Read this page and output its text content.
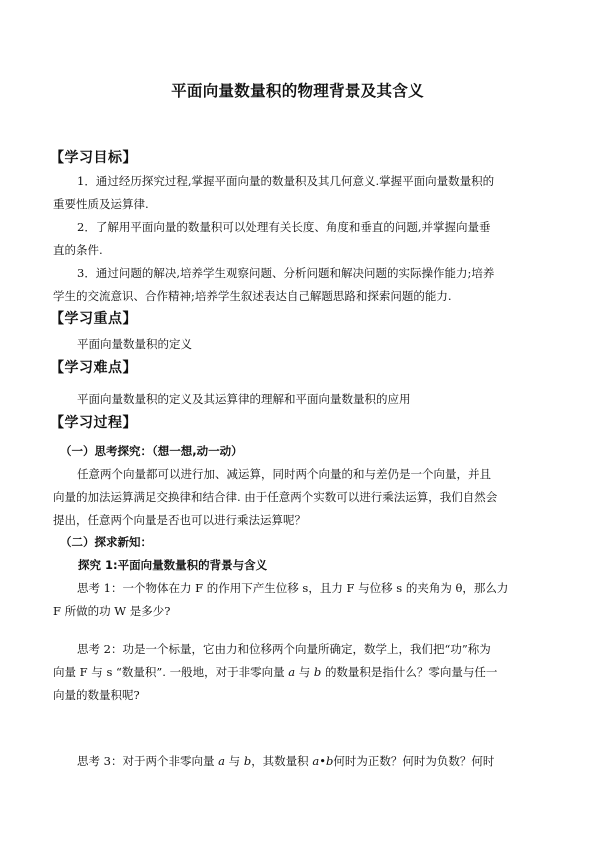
平面向量数量积的物理背景及其含义
【学习目标】
1．通过经历探究过程,掌握平面向量的数量积及其几何意义.掌握平面向量数量积的
重要性质及运算律.
2．了解用平面向量的数量积可以处理有关长度、角度和垂直的问题,并掌握向量垂
直的条件.
3．通过问题的解决,培养学生观察问题、分析问题和解决问题的实际操作能力;培养
学生的交流意识、合作精神;培养学生叙述表达自己解题思路和探索问题的能力.
【学习重点】
平面向量数量积的定义
【学习难点】
平面向量数量积的定义及其运算律的理解和平面向量数量积的应用
【学习过程】
（一）思考探究：（想一想,动一动）
任意两个向量都可以进行加、减运算，同时两个向量的和与差仍是一个向量，并且
向量的加法运算满足交换律和结合律. 由于任意两个实数可以进行乘法运算，我们自然会
提出，任意两个向量是否也可以进行乘法运算呢？
（二）探求新知：
探究 1:平面向量数量积的背景与含义
思考 1：一个物体在力 F 的作用下产生位移 s，且力 F 与位移 s 的夹角为 θ，那么力
F 所做的功 W 是多少?
思考 2：功是一个标量，它由力和位移两个向量所确定，数学上，我们把“功”称为
向量 F 与 s “数量积”. 一般地，对于非零向量 a 与 b 的数量积是指什么？零向量与任一
向量的数量积呢?
思考 3：对于两个非零向量 a 与 b，其数量积 a•b何时为正数？何时为负数？何时
